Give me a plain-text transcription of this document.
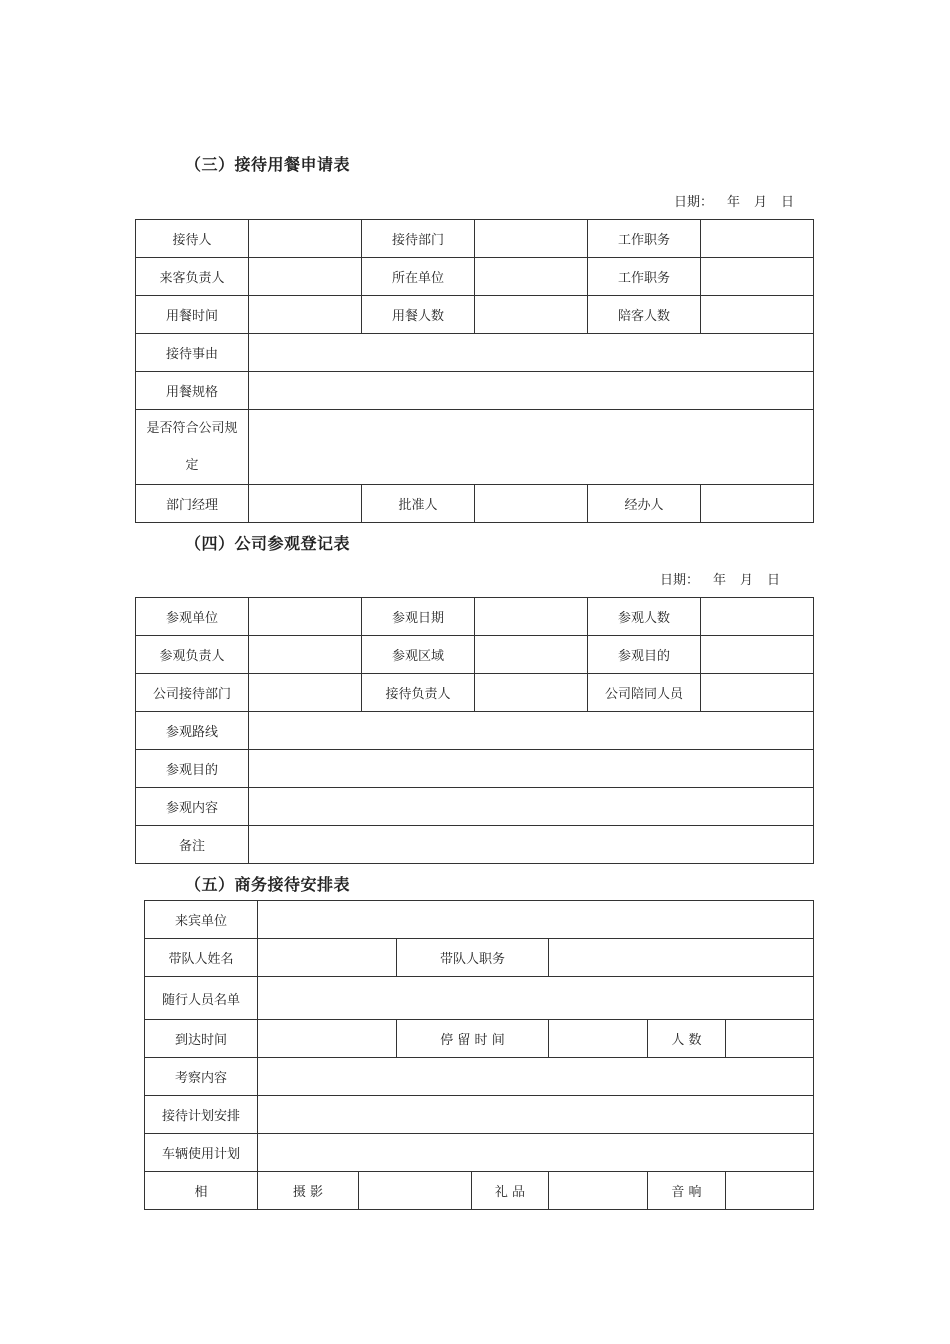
（三）接待用餐申请表
日期： 年 月 日
接待人		接待部门		工作职务	
来客负责人		所在单位		工作职务	
用餐时间		用餐人数		陪客人数	
接待事由					
用餐规格					
是否符合公司规定					
部门经理		批准人		经办人	
（四）公司参观登记表
日期： 年 月 日
参观单位		参观日期		参观人数	
参观负责人		参观区域		参观目的	
公司接待部门		接待负责人		公司陪同人员	
参观路线					
参观目的					
参观内容					
备注					
（五）商务接待安排表
来宾单位							
带队人姓名			带队人职务				
随行人员名单							
到达时间			停 留 时 间			人 数	
考察内容							
接待计划安排							
车辆使用计划							
相	摄 影			礼 品		音 响	
